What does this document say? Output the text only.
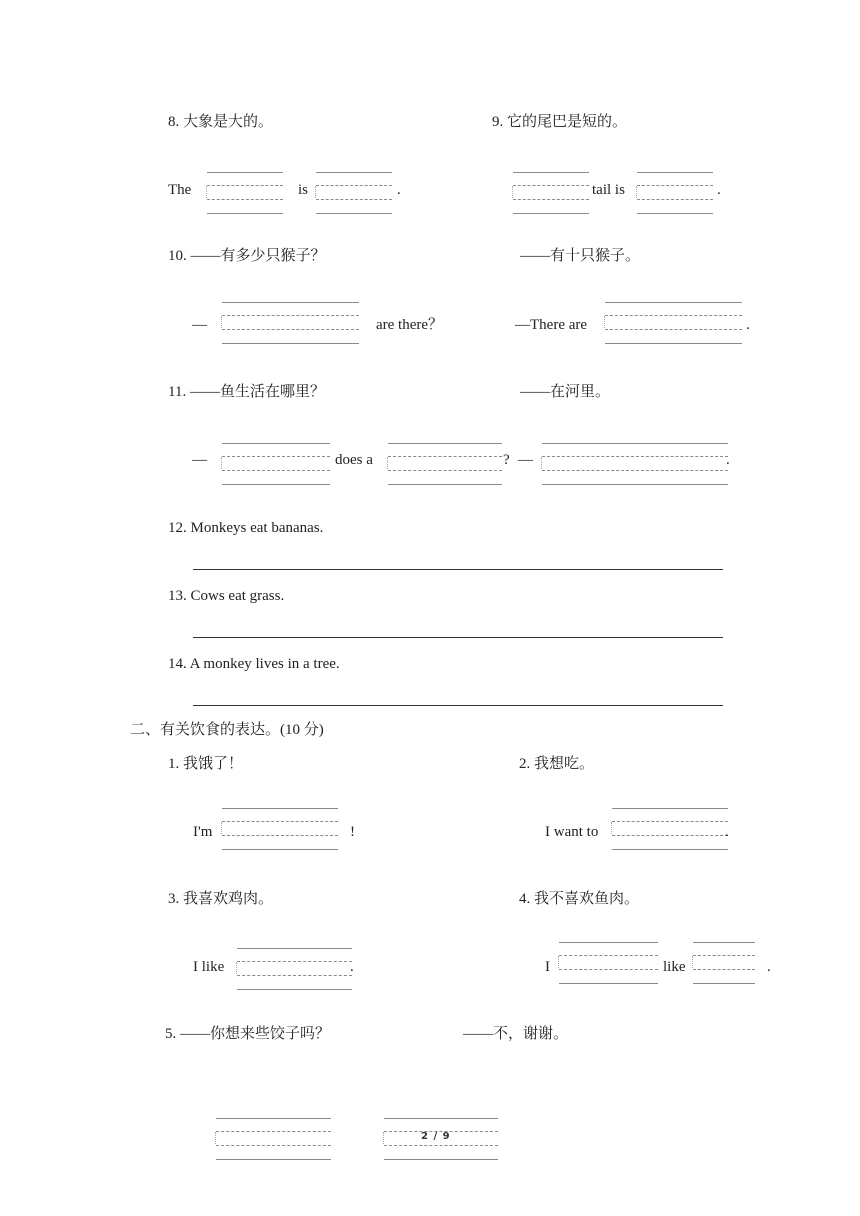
8. 大象是大的。
The	is	.
9. 它的尾巴是短的。
tail is	.
10. ——有多少只猴子？	——有十只猴子。
—	are there？	—There are	.
11. ——鱼生活在哪里？	——在河里。
—	does a	? —	.
12. Monkeys eat bananas.
13. Cows eat grass.
14. A monkey lives in a tree.
二、有关饮食的表达。(10 分)
1. 我饿了！
I'm	!
2. 我想吃。
I want to	.
3. 我喜欢鸡肉。
I like	.
4. 我不喜欢鱼肉。
I	like	.
5. ——你想来些饺子吗？	——不，谢谢。
2 / 9
